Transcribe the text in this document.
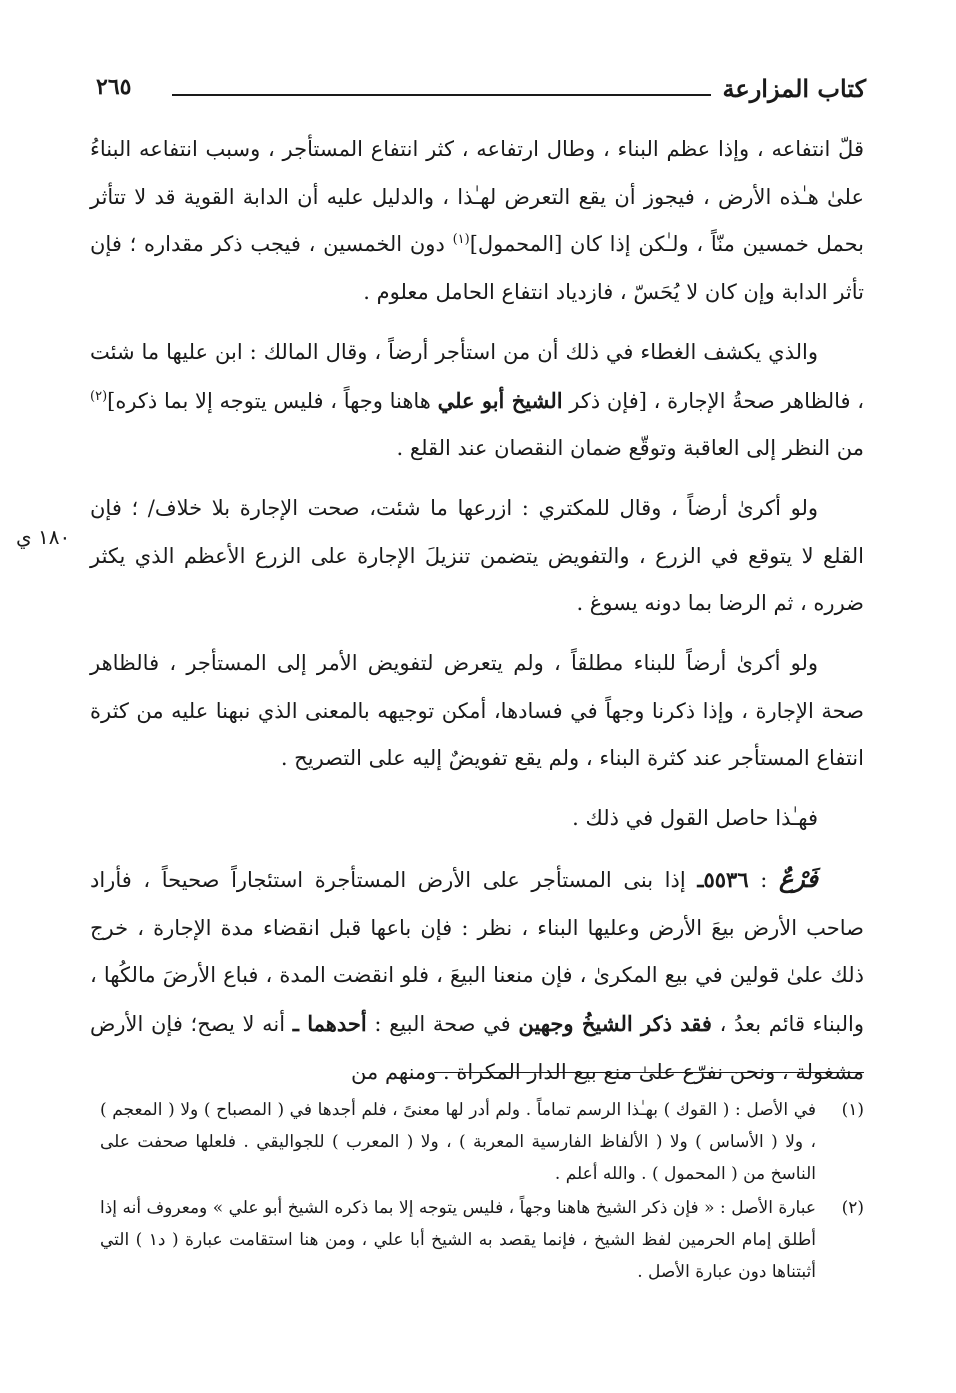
كتاب المزارعة
٢٦٥
١٨٠ ي

قلّ انتفاعه ، وإذا عظم البناء ، وطال ارتفاعه ، كثر انتفاع المستأجر ، وسبب انتفاعه البناءُ علىٰ هـٰذه الأرض ، فيجوز أن يقع التعرض لهـٰذا ، والدليل عليه أن الدابة القوية قد لا تتأثر بحمل خمسين منّاً ، ولـٰكن إذا كان [المحمول]$^{(١)}$ دون الخمسين ، فيجب ذكر مقداره ؛ فإن تأثر الدابة وإن كان لا يُحَسّ ، فازدياد انتفاع الحامل معلوم .

والذي يكشف الغطاء في ذلك أن من استأجر أرضاً ، وقال المالك : ابن عليها ما شئت ، فالظاهر صحةُ الإجارة ، [فإن ذكر الشيخ أبو علي هاهنا وجهاً ، فليس يتوجه إلا بما ذكره]$^{(٢)}$ من النظر إلى العاقبة وتوقّع ضمان النقصان عند القلع .

ولو أكرىٰ أرضاً ، وقال للمكتري : ازرعها ما شئت، صحت الإجارة بلا خلاف/ ؛ فإن القلع لا يتوقع في الزرع ، والتفويض يتضمن تنزيلَ الإجارة على الزرع الأعظم الذي يكثر ضرره ، ثم الرضا بما دونه يسوغ .

ولو أكرىٰ أرضاً للبناء مطلقاً ، ولم يتعرض لتفويض الأمر إلى المستأجر ، فالظاهر صحة الإجارة ، وإذا ذكرنا وجهاً في فسادها، أمكن توجيهه بالمعنى الذي نبهنا عليه من كثرة انتفاع المستأجر عند كثرة البناء ، ولم يقع تفويضٌ إليه على التصريح .

فهـٰذا حاصل القول في ذلك .

فَرْعٌ : ٥٥٣٦ـ إذا بنى المستأجر على الأرض المستأجرة استئجاراً صحيحاً ، فأراد صاحب الأرض بيعَ الأرض وعليها البناء ، نظر : فإن باعها قبل انقضاء مدة الإجارة ، خرج ذلك علىٰ قولين في بيع المكرىٰ ، فإن منعنا البيعَ ، فلو انقضت المدة ، فباع الأرضَ مالكُها ، والبناء قائم بعدُ ، فقد ذكر الشيخُ وجهين في صحة البيع : أحدهما ـ أنه لا يصح؛ فإن الأرض مشغولة ، ونحن نفرّع علىٰ منع بيع الدار المكراة . ومنهم من

(١)
في الأصل : ( القوك ) بهـٰذا الرسم تماماً . ولم أدر لها معنىً ، فلم أجدها في ( المصباح ) ولا ( المعجم ) ، ولا ( الأساس ) ولا ( الألفاظ الفارسية المعربة ) ، ولا ( المعرب ) للجواليقي . فلعلها صحفت على الناسخ من ( المحمول ) . والله أعلم .
(٢)
عبارة الأصل : « فإن ذكر الشيخ هاهنا وجهاً ، فليس يتوجه إلا بما ذكره الشيخ أبو علي » ومعروف أنه إذا أطلق إمام الحرمين لفظ الشيخ ، فإنما يقصد به الشيخ أبا علي ، ومن هنا استقامت عبارة ( د١ ) التي أثبتناها دون عبارة الأصل .
